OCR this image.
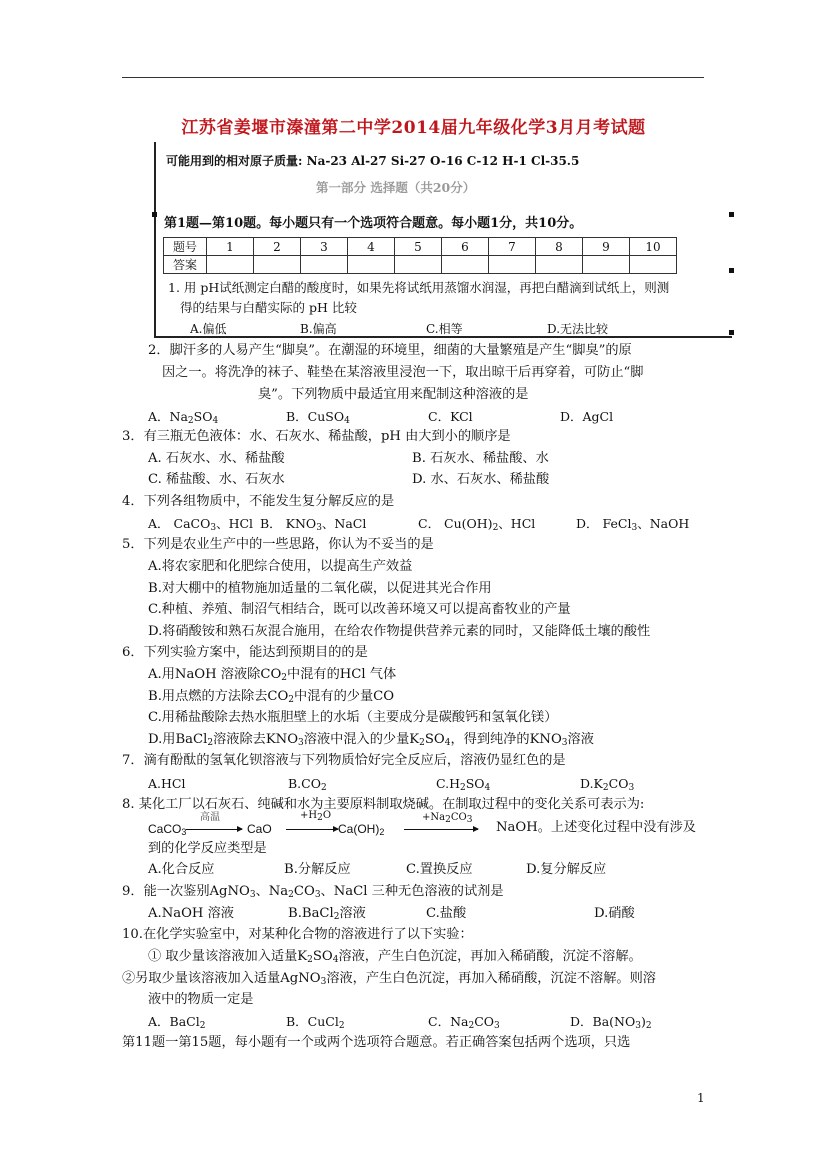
江苏省姜堰市溱潼第二中学2014届九年级化学3月月考试题
可能用到的相对原子质量: Na-23 Al-27 Si-27 O-16 C-12 H-1 Cl-35.5
第一部分 选择题（共20分）
第1题—第10题。每小题只有一个选项符合题意。每小题1分，共10分。
1. 用 pH试纸测定白醋的酸度时，如果先将试纸用蒸馏水润湿，再把白醋滴到试纸上，则测
得的结果与白醋实际的 pH 比较
A.偏低	B.偏高	C.相等	D.无法比较
题号	1	2	3	4	5	6	7	8	9	10
答案										
2．脚汗多的人易产生“脚臭”。在潮湿的环境里，细菌的大量繁殖是产生“脚臭”的原
因之一。将洗净的袜子、鞋垫在某溶液里浸泡一下，取出晾干后再穿着，可防止“脚
臭”。下列物质中最适宜用来配制这种溶液的是
A．$Na_2SO_4$	B．CuSO$_4$	C．KCl	D．AgCl
3．有三瓶无色液体：水、石灰水、稀盐酸，pH 由大到小的顺序是
A. 石灰水、水、稀盐酸	B. 石灰水、稀盐酸、水
C. 稀盐酸、水、石灰水	D. 水、石灰水、稀盐酸
4．下列各组物质中，不能发生复分解反应的是
A． CaCO$_3$、HCl B． $KNO_3$、NaCl	C． $Cu(OH)_2$、HCl	D． FeCl$_3$、NaOH
5．下列是农业生产中的一些思路，你认为不妥当的是
A.将农家肥和化肥综合使用，以提高生产效益
B.对大棚中的植物施加适量的二氧化碳，以促进其光合作用
C.种植、养殖、制沼气相结合，既可以改善环境又可以提高畜牧业的产量
D.将硝酸铵和熟石灰混合施用，在给农作物提供营养元素的同时，又能降低土壤的酸性
6．下列实验方案中，能达到预期目的的是
A.用NaOH 溶液除$CO_2$中混有的HCl 气体
B.用点燃的方法除去$CO_2$中混有的少量CO
C.用稀盐酸除去热水瓶胆壁上的水垢（主要成分是碳酸钙和氢氧化镁）
D.用BaCl$_2$溶液除去$KNO_3$溶液中混入的少量$K_2SO_4$，得到纯净的$KNO_3$溶液
7．滴有酚酞的氢氧化钡溶液与下列物质恰好完全反应后，溶液仍显红色的是
A.HCl	$B.CO_2$	$C.H_2SO_4$	$D.K_2CO_3$
8. 某化工厂以石灰石、纯碱和水为主要原料制取烧碱。在制取过程中的变化关系可表示为:
CaCO$_3$
高温
CaO
$+H_2O$
$Ca(OH)_2$
$+Na_2CO_3$ NaOH。上述变化过程中没有涉及
到的化学反应类型是
A.化合反应	B.分解反应	C.置换反应	D.复分解反应
9．能一次鉴别AgNO$_3$、$Na_2CO_3$、NaCl 三种无色溶液的试剂是
A.NaOH 溶液	B.BaCl$_2$溶液	C.盐酸	D.硝酸
10.在化学实验室中，对某种化合物的溶液进行了以下实验：
① 取少量该溶液加入适量$K_2SO_4$溶液，产生白色沉淀，再加入稀硝酸，沉淀不溶解。
②另取少量该溶液加入适量AgNO$_3$溶液，产生白色沉淀，再加入稀硝酸，沉淀不溶解。则溶
液中的物质一定是
A．BaCl$_2$	B．CuCl$_2$	C．$Na_2CO_3$	D．$Ba(NO_3)_2$
第11题一第15题，每小题有一个或两个选项符合题意。若正确答案包括两个选项，只选
1
